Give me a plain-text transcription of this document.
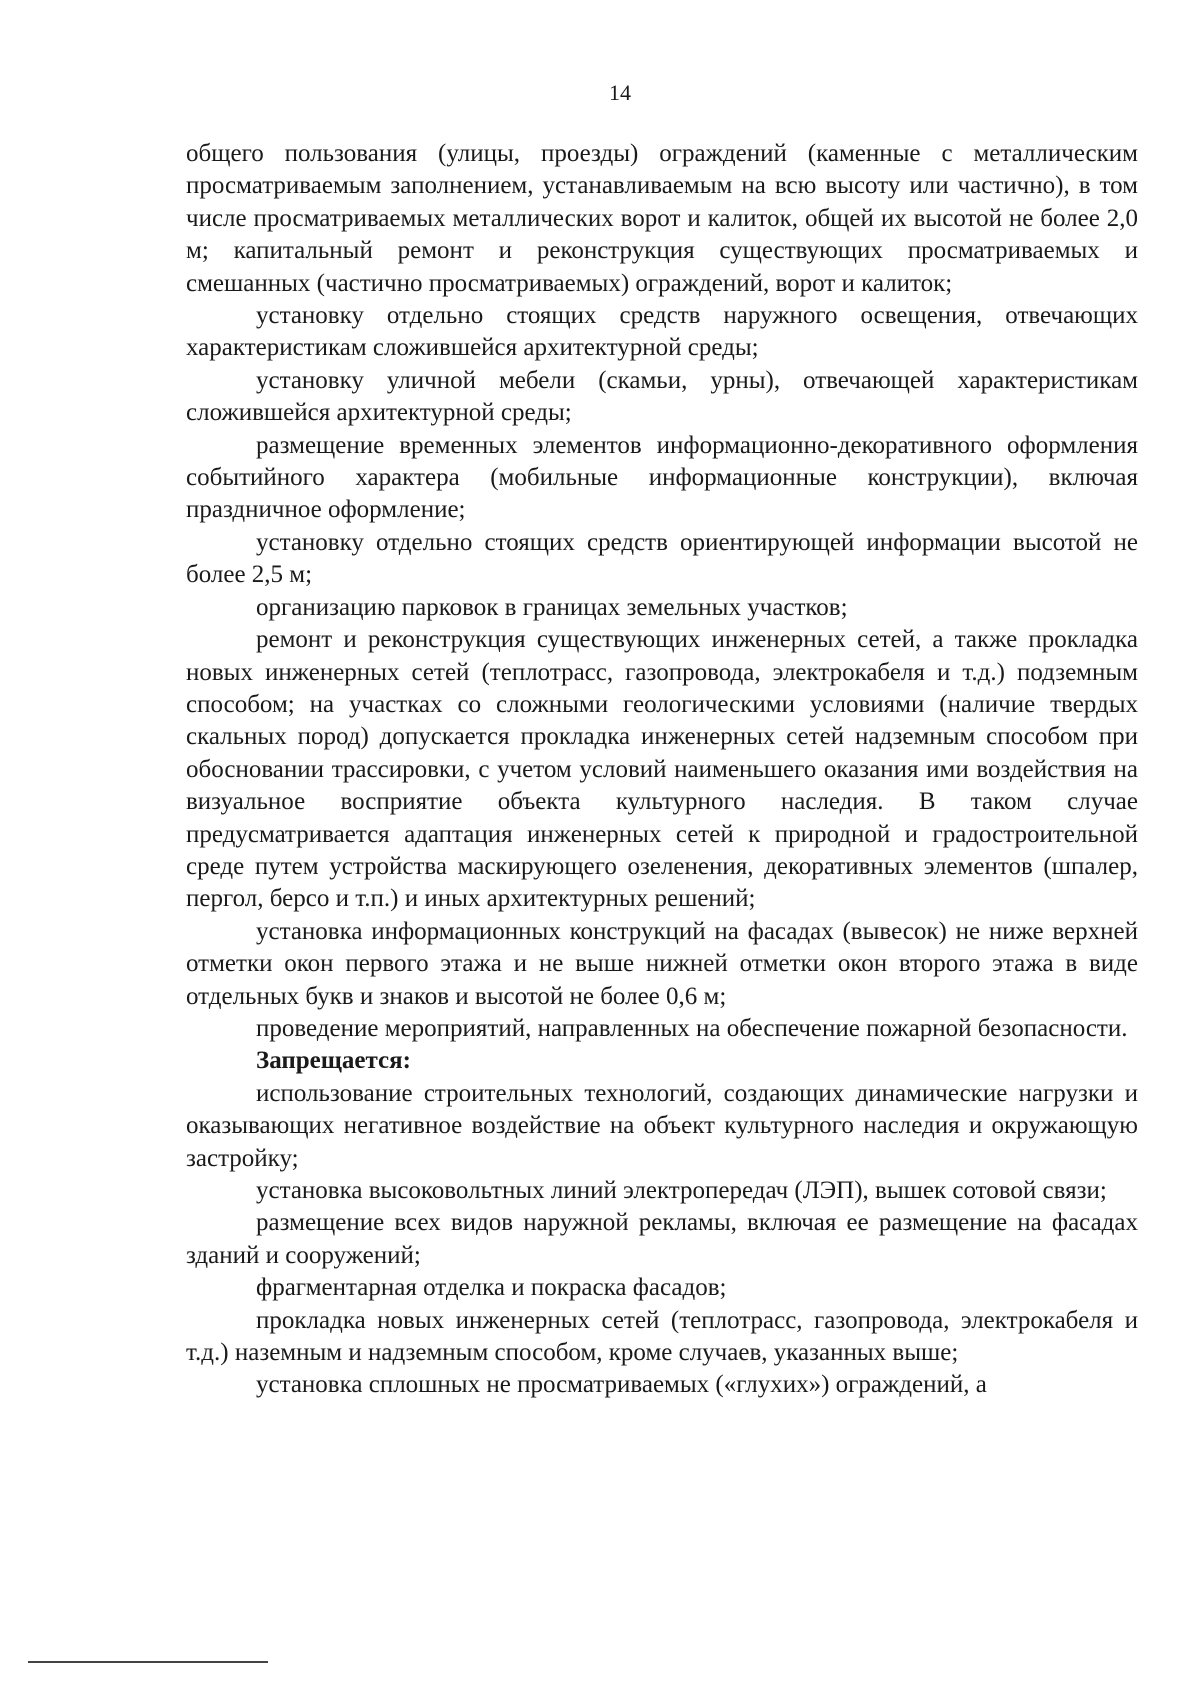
14

общего пользования (улицы, проезды) ограждений (каменные с металлическим просматриваемым заполнением, устанавливаемым на всю высоту или частично), в том числе просматриваемых металлических ворот и калиток, общей их высотой не более 2,0 м; капитальный ремонт и реконструкция существующих просматриваемых и смешанных (частично просматриваемых) ограждений, ворот и калиток;

установку отдельно стоящих средств наружного освещения, отвечающих характеристикам сложившейся архитектурной среды;

установку уличной мебели (скамьи, урны), отвечающей характеристикам сложившейся архитектурной среды;

размещение временных элементов информационно-декоративного оформления событийного характера (мобильные информационные конструкции), включая праздничное оформление;

установку отдельно стоящих средств ориентирующей информации высотой не более 2,5 м;

организацию парковок в границах земельных участков;

ремонт и реконструкция существующих инженерных сетей, а также прокладка новых инженерных сетей (теплотрасс, газопровода, электрокабеля и т.д.) подземным способом; на участках со сложными геологическими условиями (наличие твердых скальных пород) допускается прокладка инженерных сетей надземным способом при обосновании трассировки, с учетом условий наименьшего оказания ими воздействия на визуальное восприятие объекта культурного наследия. В таком случае предусматривается адаптация инженерных сетей к природной и градостроительной среде путем устройства маскирующего озеленения, декоративных элементов (шпалер, пергол, берсо и т.п.) и иных архитектурных решений;

установка информационных конструкций на фасадах (вывесок) не ниже верхней отметки окон первого этажа и не выше нижней отметки окон второго этажа в виде отдельных букв и знаков и высотой не более 0,6 м;

проведение мероприятий, направленных на обеспечение пожарной безопасности.

Запрещается:

использование строительных технологий, создающих динамические нагрузки и оказывающих негативное воздействие на объект культурного наследия и окружающую застройку;

установка высоковольтных линий электропередач (ЛЭП), вышек сотовой связи;

размещение всех видов наружной рекламы, включая ее размещение на фасадах зданий и сооружений;

фрагментарная отделка и покраска фасадов;

прокладка новых инженерных сетей (теплотрасс, газопровода, электрокабеля и т.д.) наземным и надземным способом, кроме случаев, указанных выше;

установка сплошных не просматриваемых («глухих») ограждений, а
